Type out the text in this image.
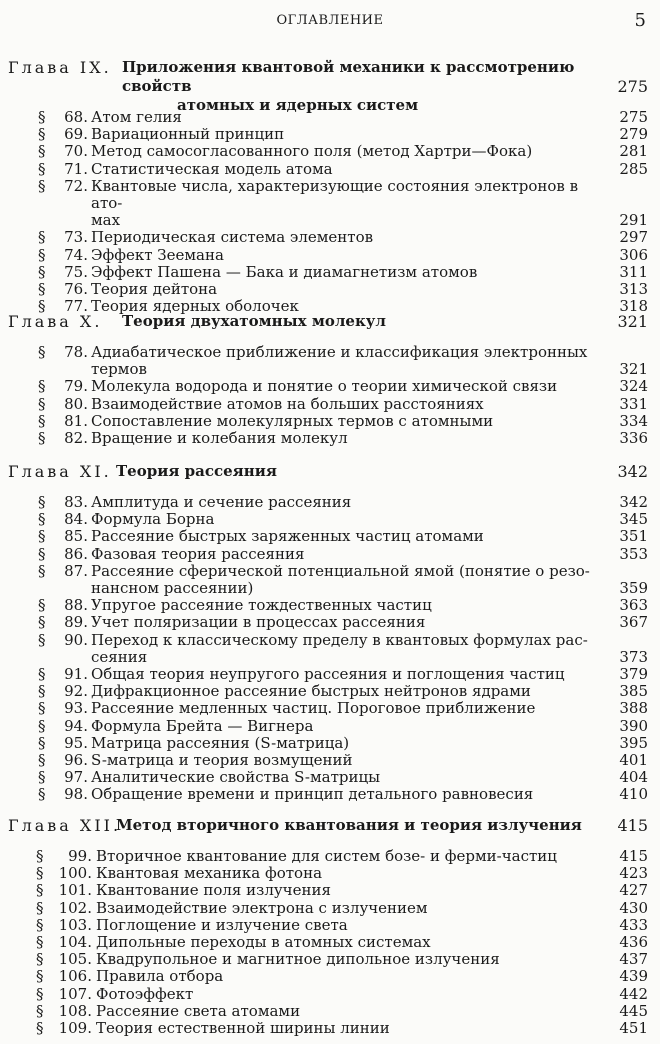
ОГЛАВЛЕНИЕ	5
Глава IX. Приложения квантовой механики к рассмотрению свойств
атомных и ядерных систем
275
§	68. Атом гелия	275
§	69. Вариационный принцип	279
§	70. Метод самосогласованного поля (метод Хартри—Фока)	281
§	71. Статистическая модель атома	285
§	72. Квантовые числа, характеризующие состояния электронов в ато-
мах	291
§	73. Периодическая система элементов	297
§	74. Эффект Зеемана	306
§	75. Эффект Пашена — Бака и диамагнетизм атомов	311
§	76. Теория дейтона	313
§	77. Теория ядерных оболочек	318
Глава X. Теория двухатомных молекул	321
§	78. Адиабатическое приближение и классификация электронных
термов	321
§	79. Молекула водорода и понятие о теории химической связи	324
§	80. Взаимодействие атомов на больших расстояниях	331
§	81. Сопоставление молекулярных термов с атомными	334
§	82. Вращение и колебания молекул	336
Глава XI. Теория рассеяния	342
§	83. Амплитуда и сечение рассеяния	342
§	84. Формула Борна	345
§	85. Рассеяние быстрых заряженных частиц атомами	351
§	86. Фазовая теория рассеяния	353
§	87. Рассеяние сферической потенциальной ямой (понятие о резо-
нансном рассеянии)	359
§	88. Упругое рассеяние тождественных частиц	363
§	89. Учет поляризации в процессах рассеяния	367
§	90. Переход к классическому пределу в квантовых формулах рас-
сеяния	373
§	91. Общая теория неупругого рассеяния и поглощения частиц	379
§	92. Дифракционное рассеяние быстрых нейтронов ядрами	385
§	93. Рассеяние медленных частиц. Пороговое приближение	388
§	94. Формула Брейта — Вигнера	390
§	95. Матрица рассеяния (S-матрица)	395
§	96. S-матрица и теория возмущений	401
§	97. Аналитические свойства S-матрицы	404
§	98. Обращение времени и принцип детального равновесия	410
Глава XII.
Метод вторичного квантования и теория излучения	415
§	99. Вторичное квантование для систем бозе- и ферми-частиц	415
§	100. Квантовая механика фотона	423
§	101. Квантование поля излучения	427
§	102. Взаимодействие электрона с излучением	430
§	103. Поглощение и излучение света	433
§	104. Дипольные переходы в атомных системах	436
§	105. Квадрупольное и магнитное дипольное излучения	437
§	106. Правила отбора	439
§	107. Фотоэффект	442
§	108. Рассеяние света атомами	445
§	109. Теория естественной ширины линии	451
